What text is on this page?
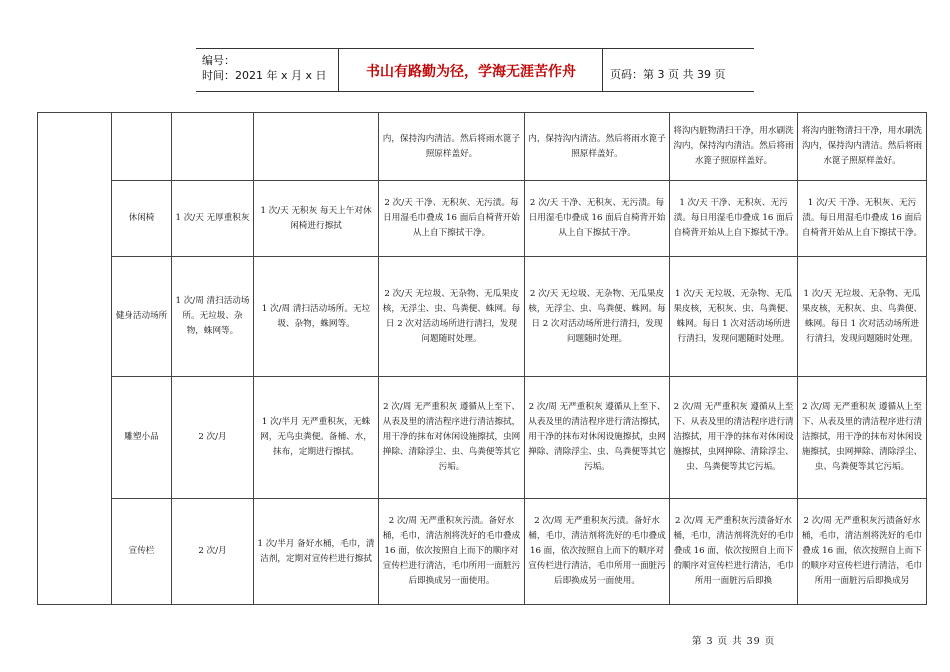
编号：
时间：2021 年 x 月 x 日	书山有路勤为径，学海无涯苦作舟	页码：第 3 页 共 39 页
				内，保持沟内清洁。然后将雨水篦子照原样盖好。	内，保持沟内清洁。然后将雨水篦子照原样盖好。	将沟内脏物清扫干净，用水刷洗沟内，保持沟内清洁。然后将雨水篦子照原样盖好。	将沟内脏物清扫干净，用水刷洗沟内，保持沟内清洁。然后将雨水篦子照原样盖好。
	休闲椅	1 次/天 无厚重积灰	1 次/天 无积灰 每天上午对休闲椅进行擦拭	2 次/天 干净、无积灰、无污渍。每日用湿毛巾叠成 16 面后自椅背开始从上自下擦拭干净。	2 次/天 干净、无积灰、无污渍。每日用湿毛巾叠成 16 面后自椅背开始从上自下擦拭干净。	1 次/天 干净、无积灰、无污渍。每日用湿毛巾叠成 16 面后自椅背开始从上自下擦拭干净。	1 次/天 干净、无积灰、无污渍。每日用湿毛巾叠成 16 面后自椅背开始从上自下擦拭干净。
	健身活动场所	1 次/周 清扫活动场所。无垃圾、杂物，蛛网等。	1 次/周 清扫活动场所。无垃圾、杂物，蛛网等。	2 次/天 无垃圾、无杂物、无瓜果皮核，无浮尘、虫、鸟粪便、蛛网。每日 2 次对活动场所进行清扫，发现问题随时处理。	2 次/天 无垃圾、无杂物、无瓜果皮核，无浮尘、虫、鸟粪便、蛛网。每日 2 次对活动场所进行清扫，发现问题随时处理。	1 次/天 无垃圾、无杂物、无瓜果皮核，无积灰、虫、鸟粪便、蛛网。每日 1 次对活动场所进行清扫，发现问题随时处理。	1 次/天 无垃圾、无杂物、无瓜果皮核，无积灰、虫、鸟粪便、蛛网。每日 1 次对活动场所进行清扫，发现问题随时处理。
	雕塑小品	2 次/月	1 次/半月 无严重积灰，无蛛网，无鸟虫粪便。备桶、水，抹布，定期进行擦拭。	2 次/周 无严重积灰 遵循从上至下、从表及里的清洁程序进行清洁擦拭，用干净的抹布对休闲设施擦拭，虫网掸除、清除浮尘、虫、鸟粪便等其它污垢。	2 次/周 无严重积灰 遵循从上至下、从表及里的清洁程序进行清洁擦拭，用干净的抹布对休闲设施擦拭，虫网掸除、清除浮尘、虫、鸟粪便等其它污垢。	2 次/周 无严重积灰 遵循从上至下、从表及里的清洁程序进行清洁擦拭，用干净的抹布对休闲设施擦拭，虫网掸除、清除浮尘、虫、鸟粪便等其它污垢。	2 次/周 无严重积灰 遵循从上至下、从表及里的清洁程序进行清洁擦拭，用干净的抹布对休闲设施擦拭，虫网掸除、清除浮尘、虫、鸟粪便等其它污垢。
	宣传栏	2 次/月	1 次/半月 备好水桶，毛巾，清洁剂，定期对宣传栏进行擦拭	2 次/周 无严重积灰污渍。备好水桶，毛巾，清洁剂将洗好的毛巾叠成 16 面，依次按照自上而下的顺序对宣传栏进行清洁，毛巾所用一面脏污后即换成另一面使用。	2 次/周 无严重积灰污渍。备好水桶，毛巾，清洁剂将洗好的毛巾叠成 16 面，依次按照自上而下的顺序对宣传栏进行清洁，毛巾所用一面脏污后即换成另一面使用。	2 次/周 无严重积灰污渍备好水桶，毛巾，清洁剂将洗好的毛巾叠成 16 面，依次按照自上而下的顺序对宣传栏进行清洁，毛巾所用一面脏污后即换	2 次/周 无严重积灰污渍备好水桶，毛巾，清洁剂将洗好的毛巾叠成 16 面，依次按照自上而下的顺序对宣传栏进行清洁，毛巾所用一面脏污后即换成另
第 3 页 共 39 页
